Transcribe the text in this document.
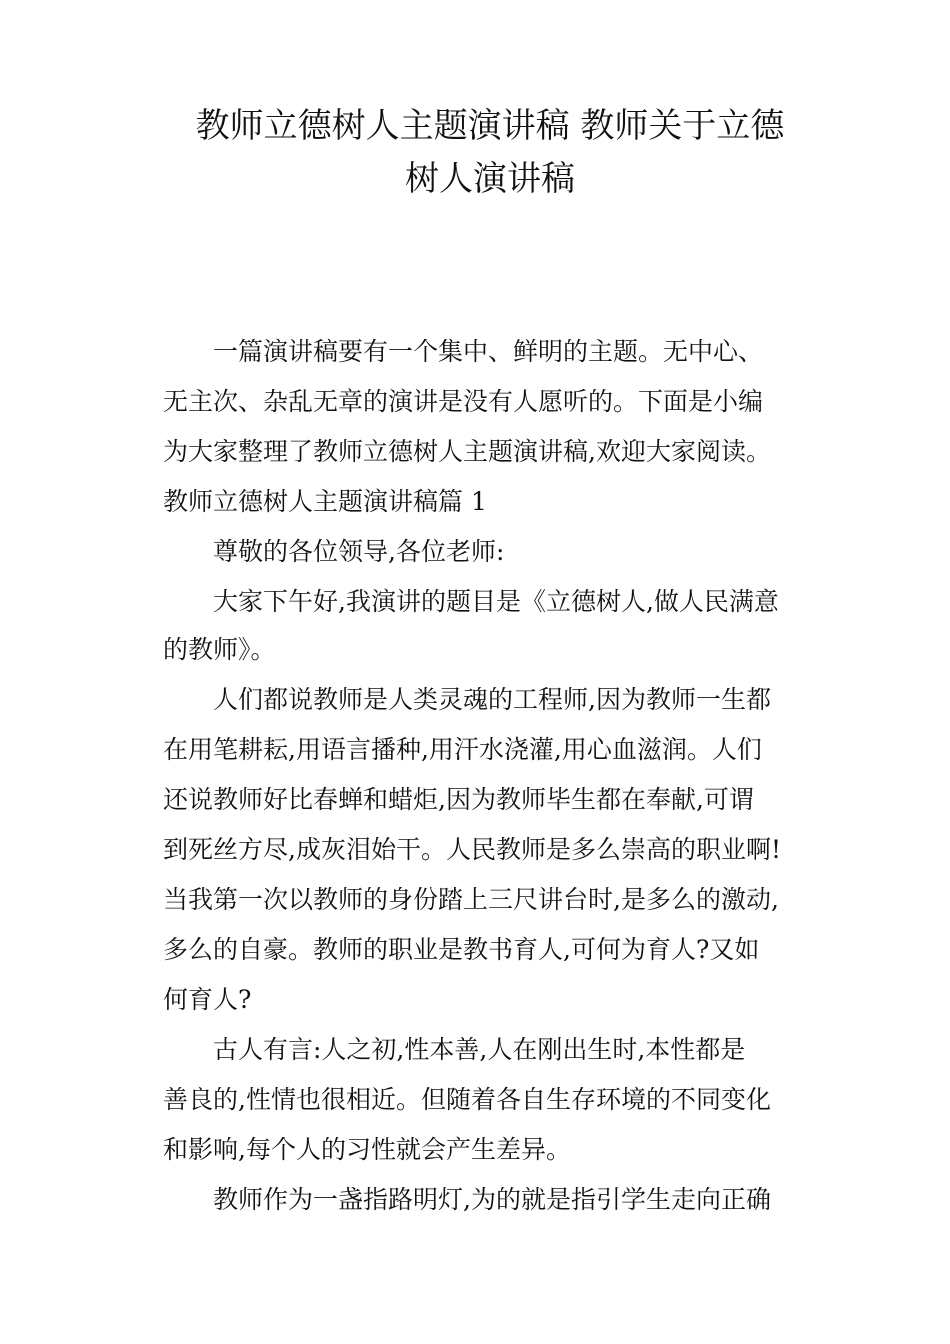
教师立德树人主题演讲稿 教师关于立德
树人演讲稿
一篇演讲稿要有一个集中、鲜明的主题。无中心、
无主次、杂乱无章的演讲是没有人愿听的。下面是小编
为大家整理了教师立德树人主题演讲稿,欢迎大家阅读。
教师立德树人主题演讲稿篇 1
尊敬的各位领导,各位老师:
大家下午好,我演讲的题目是《立德树人,做人民满意
的教师》。
人们都说教师是人类灵魂的工程师,因为教师一生都
在用笔耕耘,用语言播种,用汗水浇灌,用心血滋润。人们
还说教师好比春蝉和蜡炬,因为教师毕生都在奉献,可谓
到死丝方尽,成灰泪始干。人民教师是多么崇高的职业啊!
当我第一次以教师的身份踏上三尺讲台时,是多么的激动,
多么的自豪。教师的职业是教书育人,可何为育人?又如
何育人?
古人有言:人之初,性本善,人在刚出生时,本性都是
善良的,性情也很相近。但随着各自生存环境的不同变化
和影响,每个人的习性就会产生差异。
教师作为一盏指路明灯,为的就是指引学生走向正确
